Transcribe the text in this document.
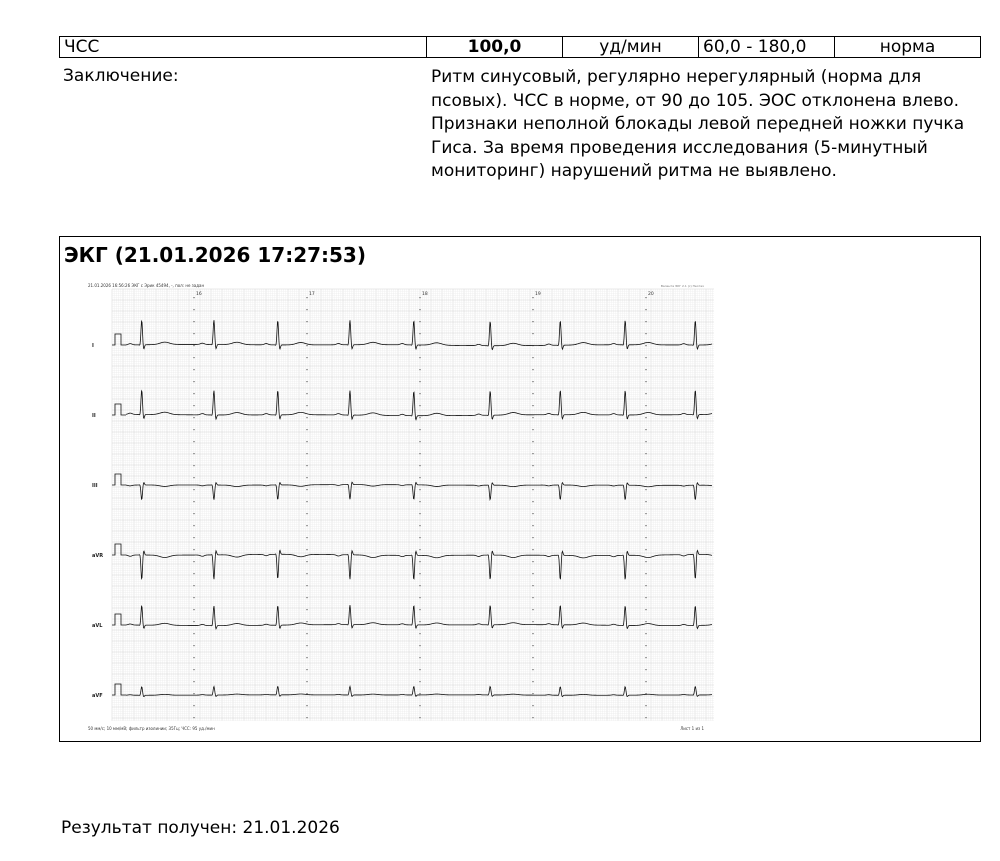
ЧСС	100,0	уд/мин	60,0 - 180,0	норма
Заключение:	Ритм синусовый, регулярно нерегулярный (норма для псовых). ЧСС в норме, от 90 до 105. ЭОС отклонена влево. Признаки неполной блокады левой передней ножки пучка Гиса. За время проведения исследования (5-минутный мониторинг) нарушений ритма не выявлено.
ЭКГ (21.01.2026 17:27:53)
21.01.2026 16:56:26 ЭКГ с Эрик 45494, -, пол: не задан	Валента ЭКГ 2.1 (c) Неотех
16	17	18	19	20
I
II
III
aVR
aVL
aVF
50 мм/с; 10 мм/мВ; фильтр изолинии; 35Гц; ЧСС: 95 уд./мин	Лист 1 из 1
Результат получен: 21.01.2026
